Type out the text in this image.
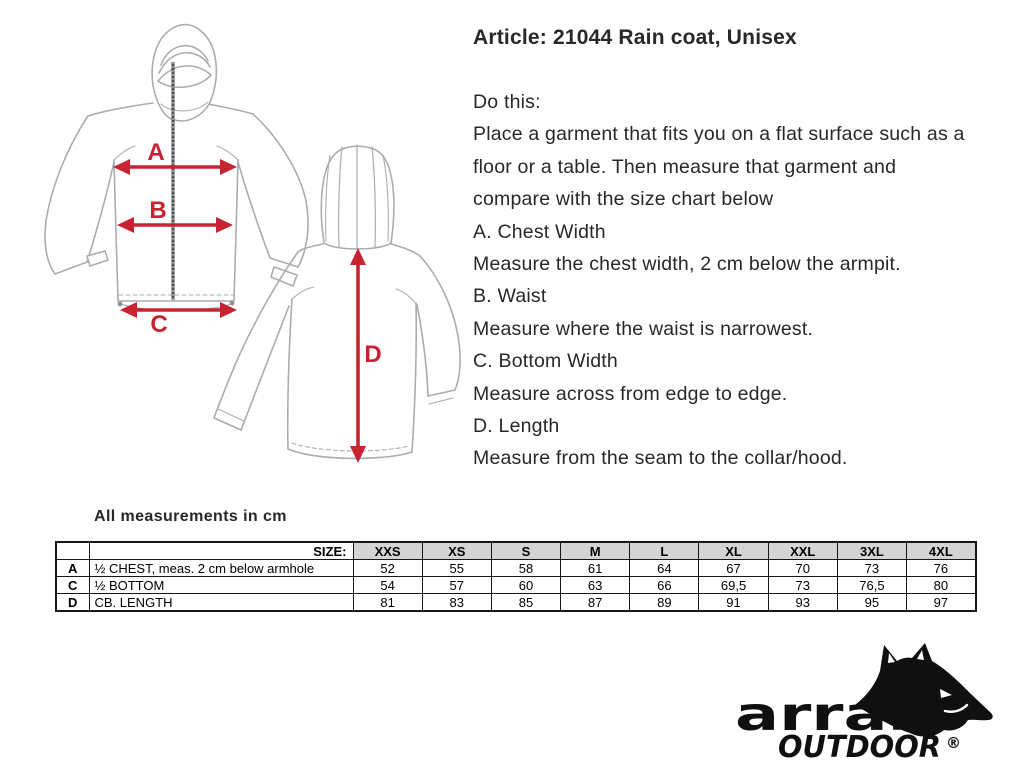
A
B
C
D
Article: 21044 Rain coat, Unisex
Do this:
Place a garment that fits you on a flat surface such as a
floor or a table. Then measure that garment and
compare with the size chart below
A. Chest Width
Measure the chest width, 2 cm below the armpit.
B. Waist
Measure where the waist is narrowest.
C. Bottom Width
Measure across from edge to edge.
D. Length
Measure from the seam to the collar/hood.
All measurements in cm
	SIZE:	XXS	XS	S	M	L	XL	XXL	3XL	4XL
A	½ CHEST, meas. 2 cm below armhole	52	55	58	61	64	67	70	73	76
C	½ BOTTOM	54	57	60	63	66	69,5	73	76,5	80
D	CB. LENGTH	81	83	85	87	89	91	93	95	97
arrak
OUTDOOR ®
